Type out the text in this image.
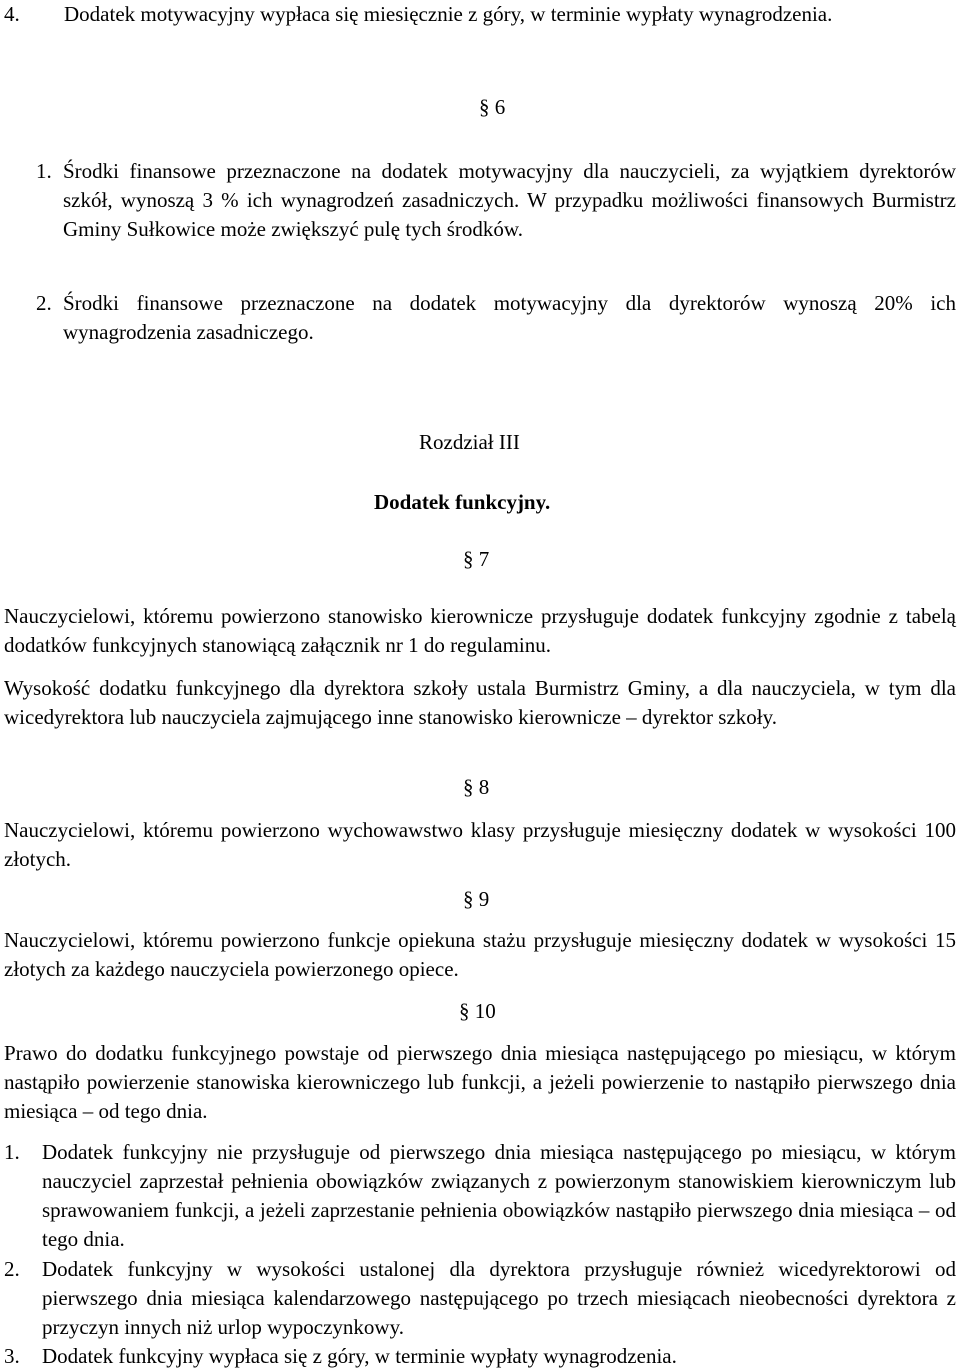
4. Dodatek motywacyjny wypłaca się miesięcznie z góry, w terminie wypłaty wynagrodzenia.
§ 6
1. Środki finansowe przeznaczone na dodatek motywacyjny dla nauczycieli, za wyjątkiem dyrektorów szkół, wynoszą 3 % ich wynagrodzeń zasadniczych. W przypadku możliwości finansowych Burmistrz Gminy Sułkowice może zwiększyć pulę tych środków.
2. Środki finansowe przeznaczone na dodatek motywacyjny dla dyrektorów wynoszą 20% ich wynagrodzenia zasadniczego.
Rozdział III
Dodatek funkcyjny.
§ 7
Nauczycielowi, któremu powierzono stanowisko kierownicze przysługuje dodatek funkcyjny zgodnie z tabelą dodatków funkcyjnych stanowiącą załącznik nr 1 do regulaminu.
Wysokość dodatku funkcyjnego dla dyrektora szkoły ustala Burmistrz Gminy, a dla nauczyciela, w tym dla wicedyrektora lub nauczyciela zajmującego inne stanowisko kierownicze – dyrektor szkoły.
§ 8
Nauczycielowi, któremu powierzono wychowawstwo klasy przysługuje miesięczny dodatek w wysokości 100 złotych.
§ 9
Nauczycielowi, któremu powierzono funkcje opiekuna stażu przysługuje miesięczny dodatek w wysokości 15 złotych za każdego nauczyciela powierzonego opiece.
§ 10
Prawo do dodatku funkcyjnego powstaje od pierwszego dnia miesiąca następującego po miesiącu, w którym nastąpiło powierzenie stanowiska kierowniczego lub funkcji, a jeżeli powierzenie to nastąpiło pierwszego dnia miesiąca – od tego dnia.
1. Dodatek funkcyjny nie przysługuje od pierwszego dnia miesiąca następującego po miesiącu, w którym nauczyciel zaprzestał pełnienia obowiązków związanych z powierzonym stanowiskiem kierowniczym lub sprawowaniem funkcji, a jeżeli zaprzestanie pełnienia obowiązków nastąpiło pierwszego dnia miesiąca – od tego dnia.
2. Dodatek funkcyjny w wysokości ustalonej dla dyrektora przysługuje również wicedyrektorowi od pierwszego dnia miesiąca kalendarzowego następującego po trzech miesiącach nieobecności dyrektora z przyczyn innych niż urlop wypoczynkowy.
3. Dodatek funkcyjny wypłaca się z góry, w terminie wypłaty wynagrodzenia.
